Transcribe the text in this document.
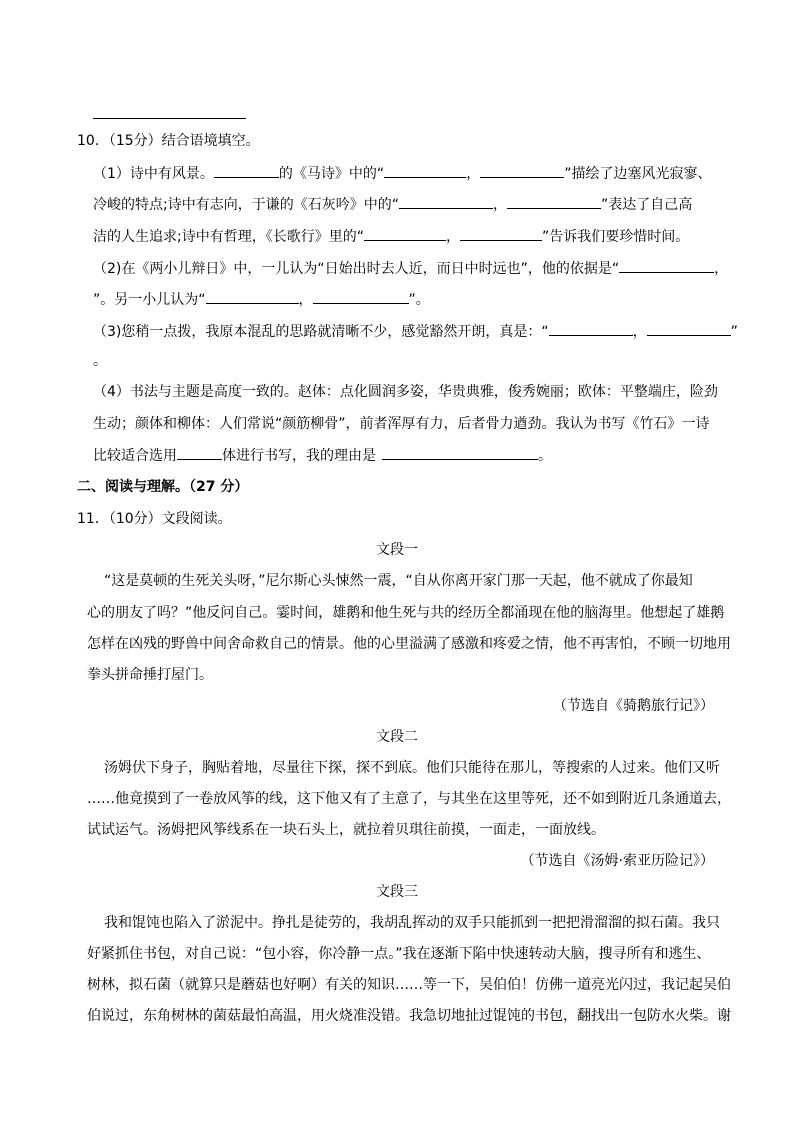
10．（15分）结合语境填空。
（1）诗中有风景。	的《马诗》中的“	，	”描绘了边塞风光寂寥、
冷峻的特点;诗中有志向，于谦的《石灰吟》中的“	，	”表达了自己高
洁的人生追求;诗中有哲理，《长歌行》里的“	，	”告诉我们要珍惜时间。
（2)在《两小儿辩日》中，一儿认为“日始出时去人近，而日中时远也”，他的依据是“	，
”。另一小儿认为“	，	”。
（3)您稍一点拨，我原本混乱的思路就清晰不少，感觉豁然开朗，真是：“	，	”
。
（4）书法与主题是高度一致的。赵体：点化圆润多姿，华贵典雅，俊秀婉丽；欧体：平整端庄，险劲
生动；颜体和柳体：人们常说“颜筋柳骨”，前者浑厚有力，后者骨力遒劲。我认为书写《竹石》一诗
比较适合选用	体进行书写，我的理由是	。
二、阅读与理解。（27 分）
11．（10分）文段阅读。
文段一
“这是莫顿的生死关头呀，”尼尔斯心头悚然一震，“自从你离开家门那一天起，他不就成了你最知
心的朋友了吗？”他反问自己。霎时间，雄鹅和他生死与共的经历全都涌现在他的脑海里。他想起了雄鹅
怎样在凶残的野兽中间舍命救自己的情景。他的心里溢满了感激和疼爱之情，他不再害怕，不顾一切地用
拳头拼命捶打屋门。
（节选自《骑鹅旅行记》）
文段二
汤姆伏下身子，胸贴着地，尽量往下探，探不到底。他们只能待在那儿，等搜索的人过来。他们又听
……他竟摸到了一卷放风筝的线，这下他又有了主意了，与其坐在这里等死，还不如到附近几条通道去，
试试运气。汤姆把风筝线系在一块石头上，就拉着贝琪往前摸，一面走，一面放线。
（节选自《汤姆·索亚历险记》）
文段三
我和馄饨也陷入了淤泥中。挣扎是徒劳的，我胡乱挥动的双手只能抓到一把把滑溜溜的拟石菌。我只
好紧抓住书包，对自己说：“包小容，你冷静一点。”我在逐渐下陷中快速转动大脑，搜寻所有和逃生、
树林，拟石菌（就算只是蘑菇也好啊）有关的知识……等一下，吴伯伯！仿佛一道亮光闪过，我记起吴伯
伯说过，东角树林的菌菇最怕高温，用火烧准没错。我急切地扯过馄饨的书包，翻找出一包防水火柴。谢
